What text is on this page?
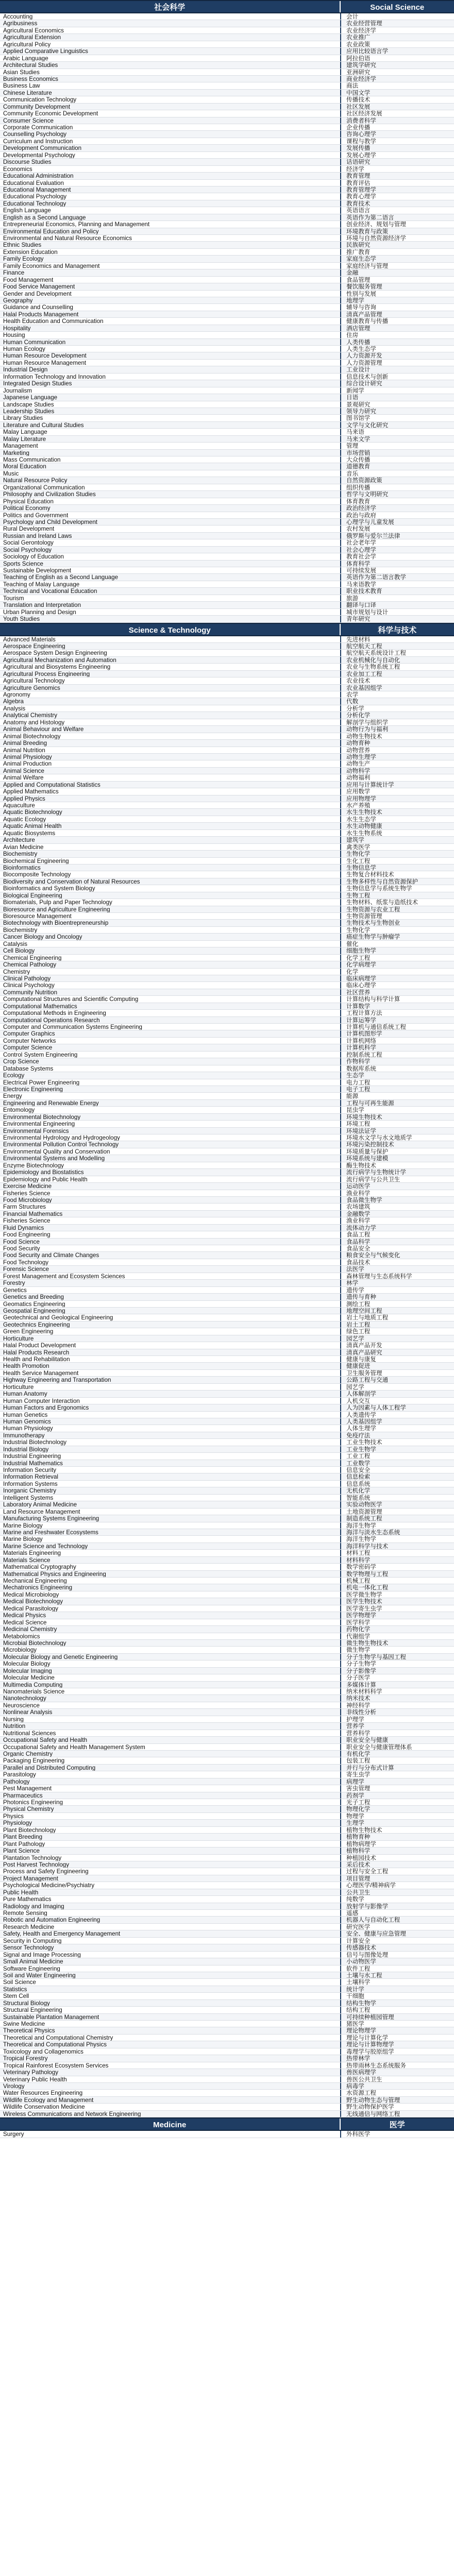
社会科学	Social Science
Accounting	会计
Agribusiness	农业经营管理
Agricultural Economics	农业经济学
Agricultural Extension	农业推广
Agricultural Policy	农业政策
Applied Comparative Linguistics	应用比较语言学
Arabic Language	阿拉伯语
Architectural Studies	建筑学研究
Asian Studies	亚洲研究
Business Economics	商业经济学
Business Law	商法
Chinese Literature	中国文学
Communication Technology	传播技术
Community Development	社区发展
Community Economic Development	社区经济发展
Consumer Science	消费者科学
Corporate Communication	企业传播
Counselling Psychology	咨询心理学
Curriculum and Instruction	课程与教学
Development Communication	发展传播
Developmental Psychology	发展心理学
Discourse Studies	话语研究
Economics	经济学
Educational Administration	教育管理
Educational Evaluation	教育评估
Educational Management	教育管理学
Educational Psychology	教育心理学
Educational Technology	教育技术
English Language	英语语言
English as a Second Language	英语作为第二语言
Entrepreneurial Economics, Planning and Management	创业经济、规划与管理
Environmental Education and Policy	环境教育与政策
Environmental and Natural Resource Economics	环境与自然资源经济学
Ethnic Studies	民族研究
Extension Education	推广教育
Family Ecology	家庭生态学
Family Economics and Management	家庭经济与管理
Finance	金融
Food Management	食品管理
Food Service Management	餐饮服务管理
Gender and Development	性别与发展
Geography	地理学
Guidance and Counselling	辅导与咨询
Halal Products Management	清真产品管理
Health Education and Communication	健康教育与传播
Hospitality	酒店管理
Housing	住房
Human Communication	人类传播
Human Ecology	人类生态学
Human Resource Development	人力资源开发
Human Resource Management	人力资源管理
Industrial Design	工业设计
Information Technology and Innovation	信息技术与创新
Integrated Design Studies	综合设计研究
Journalism	新闻学
Japanese Language	日语
Landscape Studies	景观研究
Leadership Studies	领导力研究
Library Studies	图书馆学
Literature and Cultural Studies	文学与文化研究
Malay Language	马来语
Malay Literature	马来文学
Management	管理
Marketing	市场营销
Mass Communication	大众传播
Moral Education	道德教育
Music	音乐
Natural Resource Policy	自然资源政策
Organizational Communication	组织传播
Philosophy and Civilization Studies	哲学与文明研究
Physical Education	体育教育
Political Economy	政治经济学
Politics and Government	政治与政府
Psychology and Child Development	心理学与儿童发展
Rural Development	农村发展
Russian and Ireland Laws	俄罗斯与爱尔兰法律
Social Gerontology	社会老年学
Social Psychology	社会心理学
Sociology of Education	教育社会学
Sports Science	体育科学
Sustainable Development	可持续发展
Teaching of English as a Second Language	英语作为第二语言教学
Teaching of Malay Language	马来语教学
Technical and Vocational Education	职业技术教育
Tourism	旅游
Translation and Interpretation	翻译与口译
Urban Planning and Design	城市规划与设计
Youth Studies	青年研究
Science & Technology	科学与技术
Advanced Materials	先进材料
Aerospace Engineering	航空航天工程
Aerospace System Design Engineering	航空航天系统设计工程
Agricultural Mechanization and Automation	农业机械化与自动化
Agricultural and Biosystems Engineering	农业与生物系统工程
Agricultural Process Engineering	农业加工工程
Agricultural Technology	农业技术
Agriculture Genomics	农业基因组学
Agronomy	农学
Algebra	代数
Analysis	分析学
Analytical Chemistry	分析化学
Anatomy and Histology	解剖学与组织学
Animal Behaviour and Welfare	动物行为与福利
Animal Biotechnology	动物生物技术
Animal Breeding	动物育种
Animal Nutrition	动物营养
Animal Physiology	动物生理学
Animal Production	动物生产
Animal Science	动物科学
Animal Welfare	动物福利
Applied and Computational Statistics	应用与计算统计学
Applied Mathematics	应用数学
Applied Physics	应用物理学
Aquaculture	水产养殖
Aquatic Biotechnology	水生生物技术
Aquatic Ecology	水生生态学
Aquatic Animal Health	水生动物健康
Aquatic Biosystems	水生生物系统
Architecture	建筑学
Avian Medicine	禽类医学
Biochemistry	生物化学
Biochemical Engineering	生化工程
Bioinformatics	生物信息学
Biocomposite Technology	生物复合材料技术
Biodiversity and Conservation of Natural Resources	生物多样性与自然资源保护
Bioinformatics and System Biology	生物信息学与系统生物学
Biological Engineering	生物工程
Biomaterials, Pulp and Paper Technology	生物材料、纸浆与造纸技术
Bioresource and Agriculture Engineering	生物资源与农业工程
Bioresource Management	生物资源管理
Biotechnology with Bioentrepreneurship	生物技术与生物创业
Biochemistry	生物化学
Cancer Biology and Oncology	癌症生物学与肿瘤学
Catalysis	催化
Cell Biology	细胞生物学
Chemical Engineering	化学工程
Chemical Pathology	化学病理学
Chemistry	化学
Clinical Pathology	临床病理学
Clinical Psychology	临床心理学
Community Nutrition	社区营养
Computational Structures and Scientific Computing	计算结构与科学计算
Computational Mathematics	计算数学
Computational Methods in Engineering	工程计算方法
Computational Operations Research	计算运筹学
Computer and Communication Systems Engineering	计算机与通信系统工程
Computer Graphics	计算机图形学
Computer Networks	计算机网络
Computer Science	计算机科学
Control System Engineering	控制系统工程
Crop Science	作物科学
Database Systems	数据库系统
Ecology	生态学
Electrical Power Engineering	电力工程
Electronic Engineering	电子工程
Energy	能源
Engineering and Renewable Energy	工程与可再生能源
Entomology	昆虫学
Environmental Biotechnology	环境生物技术
Environmental Engineering	环境工程
Environmental Forensics	环境法证学
Environmental Hydrology and Hydrogeology	环境水文学与水文地质学
Environmental Pollution Control Technology	环境污染控制技术
Environmental Quality and Conservation	环境质量与保护
Environmental Systems and Modelling	环境系统与建模
Enzyme Biotechnology	酶生物技术
Epidemiology and Biostatistics	流行病学与生物统计学
Epidemiology and Public Health	流行病学与公共卫生
Exercise Medicine	运动医学
Fisheries Science	渔业科学
Food Microbiology	食品微生物学
Farm Structures	农场建筑
Financial Mathematics	金融数学
Fisheries Science	渔业科学
Fluid Dynamics	流体动力学
Food Engineering	食品工程
Food Science	食品科学
Food Security	食品安全
Food Security and Climate Changes	粮食安全与气候变化
Food Technology	食品技术
Forensic Science	法医学
Forest Management and Ecosystem Sciences	森林管理与生态系统科学
Forestry	林学
Genetics	遗传学
Genetics and Breeding	遗传与育种
Geomatics Engineering	测绘工程
Geospatial Engineering	地理空间工程
Geotechnical and Geological Engineering	岩土与地质工程
Geotechnics Engineering	岩土工程
Green Engineering	绿色工程
Horticulture	园艺学
Halal Product Development	清真产品开发
Halal Products Research	清真产品研究
Health and Rehabilitation	健康与康复
Health Promotion	健康促进
Health Service Management	卫生服务管理
Highway Engineering and Transportation	公路工程与交通
Horticulture	园艺学
Human Anatomy	人体解剖学
Human Computer Interaction	人机交互
Human Factors and Ergonomics	人为因素与人体工程学
Human Genetics	人类遗传学
Human Genomics	人类基因组学
Human Physiology	人体生理学
Immunotherapy	免疫疗法
Industrial Biotechnology	工业生物技术
Industrial Biology	工业生物学
Industrial Engineering	工业工程
Industrial Mathematics	工业数学
Information Security	信息安全
Information Retrieval	信息检索
Information Systems	信息系统
Inorganic Chemistry	无机化学
Intelligent Systems	智能系统
Laboratory Animal Medicine	实验动物医学
Land Resource Management	土地资源管理
Manufacturing Systems Engineering	制造系统工程
Marine Biology	海洋生物学
Marine and Freshwater Ecosystems	海洋与淡水生态系统
Marine Biology	海洋生物学
Marine Science and Technology	海洋科学与技术
Materials Engineering	材料工程
Materials Science	材料科学
Mathematical Cryptography	数学密码学
Mathematical Physics and Engineering	数学物理与工程
Mechanical Engineering	机械工程
Mechatronics Engineering	机电一体化工程
Medical Microbiology	医学微生物学
Medical Biotechnology	医学生物技术
Medical Parasitology	医学寄生虫学
Medical Physics	医学物理学
Medical Science	医学科学
Medicinal Chemistry	药物化学
Metabolomics	代谢组学
Microbial Biotechnology	微生物生物技术
Microbiology	微生物学
Molecular Biology and Genetic Engineering	分子生物学与基因工程
Molecular Biology	分子生物学
Molecular Imaging	分子影像学
Molecular Medicine	分子医学
Multimedia Computing	多媒体计算
Nanomaterials Science	纳米材料科学
Nanotechnology	纳米技术
Neuroscience	神经科学
Nonlinear Analysis	非线性分析
Nursing	护理学
Nutrition	营养学
Nutritional Sciences	营养科学
Occupational Safety and Health	职业安全与健康
Occupational Safety and Health Management System	职业安全与健康管理体系
Organic Chemistry	有机化学
Packaging Engineering	包装工程
Parallel and Distributed Computing	并行与分布式计算
Parasitology	寄生虫学
Pathology	病理学
Pest Management	害虫管理
Pharmaceutics	药剂学
Photonics Engineering	光子工程
Physical Chemistry	物理化学
Physics	物理学
Physiology	生理学
Plant Biotechnology	植物生物技术
Plant Breeding	植物育种
Plant Pathology	植物病理学
Plant Science	植物科学
Plantation Technology	种植园技术
Post Harvest Technology	采后技术
Process and Safety Engineering	过程与安全工程
Project Management	项目管理
Psychological Medicine/Psychiatry	心理医学/精神病学
Public Health	公共卫生
Pure Mathematics	纯数学
Radiology and Imaging	放射学与影像学
Remote Sensing	遥感
Robotic and Automation Engineering	机器人与自动化工程
Research Medicine	研究医学
Safety, Health and Emergency Management	安全、健康与应急管理
Security in Computing	计算安全
Sensor Technology	传感器技术
Signal and Image Processing	信号与图像处理
Small Animal Medicine	小动物医学
Software Engineering	软件工程
Soil and Water Engineering	土壤与水工程
Soil Science	土壤科学
Statistics	统计学
Stem Cell	干细胞
Structural Biology	结构生物学
Structural Engineering	结构工程
Sustainable Plantation Management	可持续种植园管理
Swine Medicine	猪医学
Theoretical Physics	理论物理学
Theoretical and Computational Chemistry	理论与计算化学
Theoretical and Computational Physics	理论与计算物理学
Toxicology and Collagenomics	毒理学与胶原组学
Tropical Forestry	热带林学
Tropical Rainforest Ecosystem Services	热带雨林生态系统服务
Veterinary Pathology	兽医病理学
Veterinary Public Health	兽医公共卫生
Virology	病毒学
Water Resources Engineering	水资源工程
Wildlife Ecology and Management	野生动物生态与管理
Wildlife Conservation Medicine	野生动物保护医学
Wireless Communications and Network Engineering	无线通信与网络工程
Medicine	医学
Surgery	外科医学
